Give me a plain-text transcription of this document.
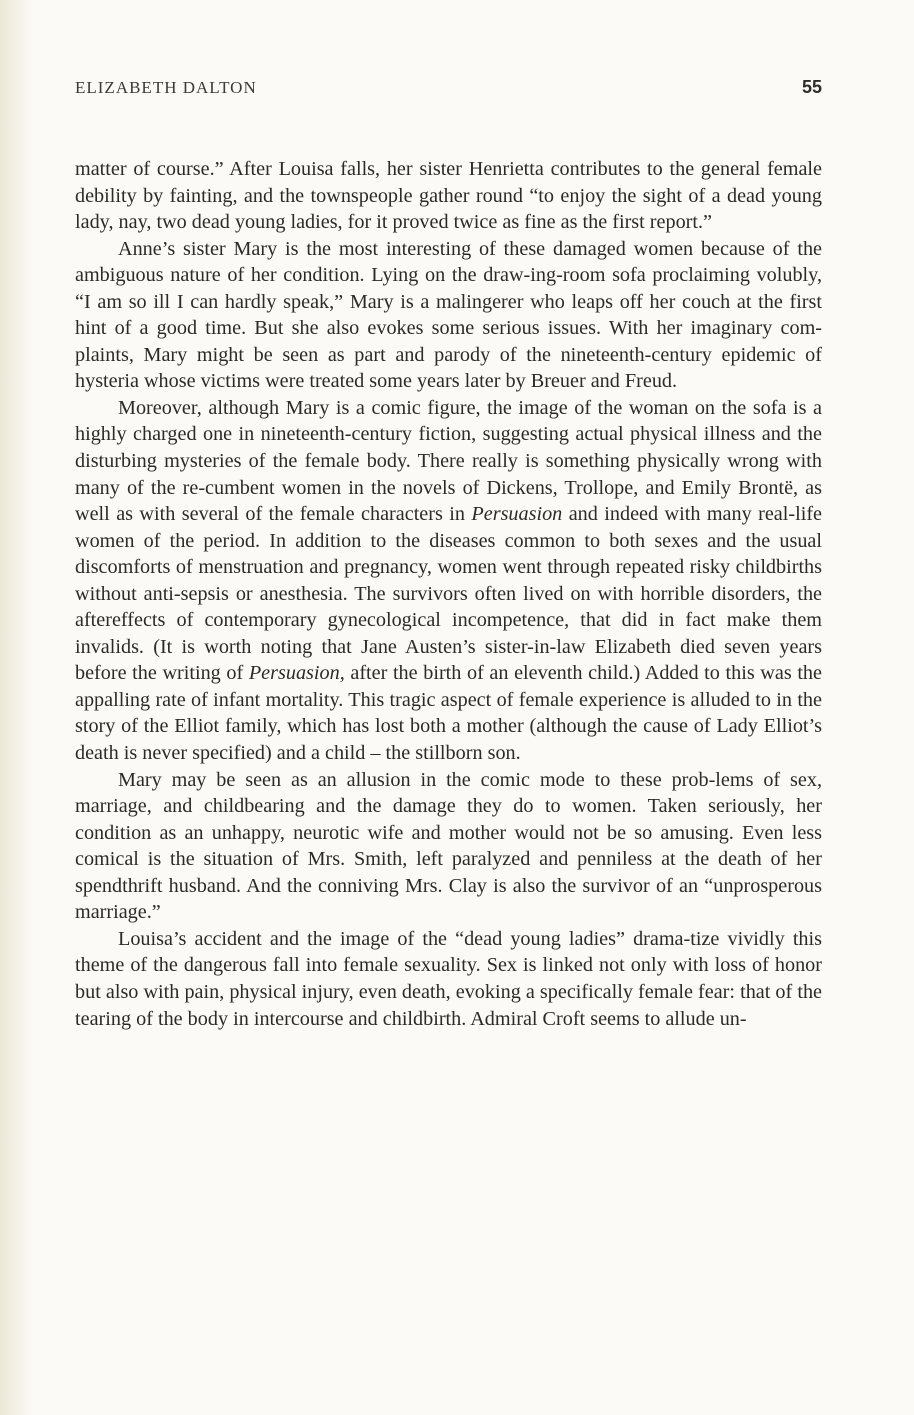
ELIZABETH DALTON	55

matter of course.” After Louisa falls, her sister Henrietta contributes to the general female debility by fainting, and the townspeople gather round “to enjoy the sight of a dead young lady, nay, two dead young ladies, for it proved twice as fine as the first report.”

Anne’s sister Mary is the most interesting of these damaged women because of the ambiguous nature of her condition. Lying on the draw-ing-room sofa proclaiming volubly, “I am so ill I can hardly speak,” Mary is a malingerer who leaps off her couch at the first hint of a good time. But she also evokes some serious issues. With her imaginary com-plaints, Mary might be seen as part and parody of the nineteenth-century epidemic of hysteria whose victims were treated some years later by Breuer and Freud.

Moreover, although Mary is a comic figure, the image of the woman on the sofa is a highly charged one in nineteenth-century fiction, suggesting actual physical illness and the disturbing mysteries of the female body. There really is something physically wrong with many of the re-cumbent women in the novels of Dickens, Trollope, and Emily Brontë, as well as with several of the female characters in Persuasion and indeed with many real-life women of the period. In addition to the diseases common to both sexes and the usual discomforts of menstruation and pregnancy, women went through repeated risky childbirths without anti-sepsis or anesthesia. The survivors often lived on with horrible disorders, the aftereffects of contemporary gynecological incompetence, that did in fact make them invalids. (It is worth noting that Jane Austen’s sister-in-law Elizabeth died seven years before the writing of Persuasion, after the birth of an eleventh child.) Added to this was the appalling rate of infant mortality. This tragic aspect of female experience is alluded to in the story of the Elliot family, which has lost both a mother (although the cause of Lady Elliot’s death is never specified) and a child – the stillborn son.

Mary may be seen as an allusion in the comic mode to these prob-lems of sex, marriage, and childbearing and the damage they do to women. Taken seriously, her condition as an unhappy, neurotic wife and mother would not be so amusing. Even less comical is the situation of Mrs. Smith, left paralyzed and penniless at the death of her spendthrift husband. And the conniving Mrs. Clay is also the survivor of an “unprosperous marriage.”

Louisa’s accident and the image of the “dead young ladies” drama-tize vividly this theme of the dangerous fall into female sexuality. Sex is linked not only with loss of honor but also with pain, physical injury, even death, evoking a specifically female fear: that of the tearing of the body in intercourse and childbirth. Admiral Croft seems to allude un-
